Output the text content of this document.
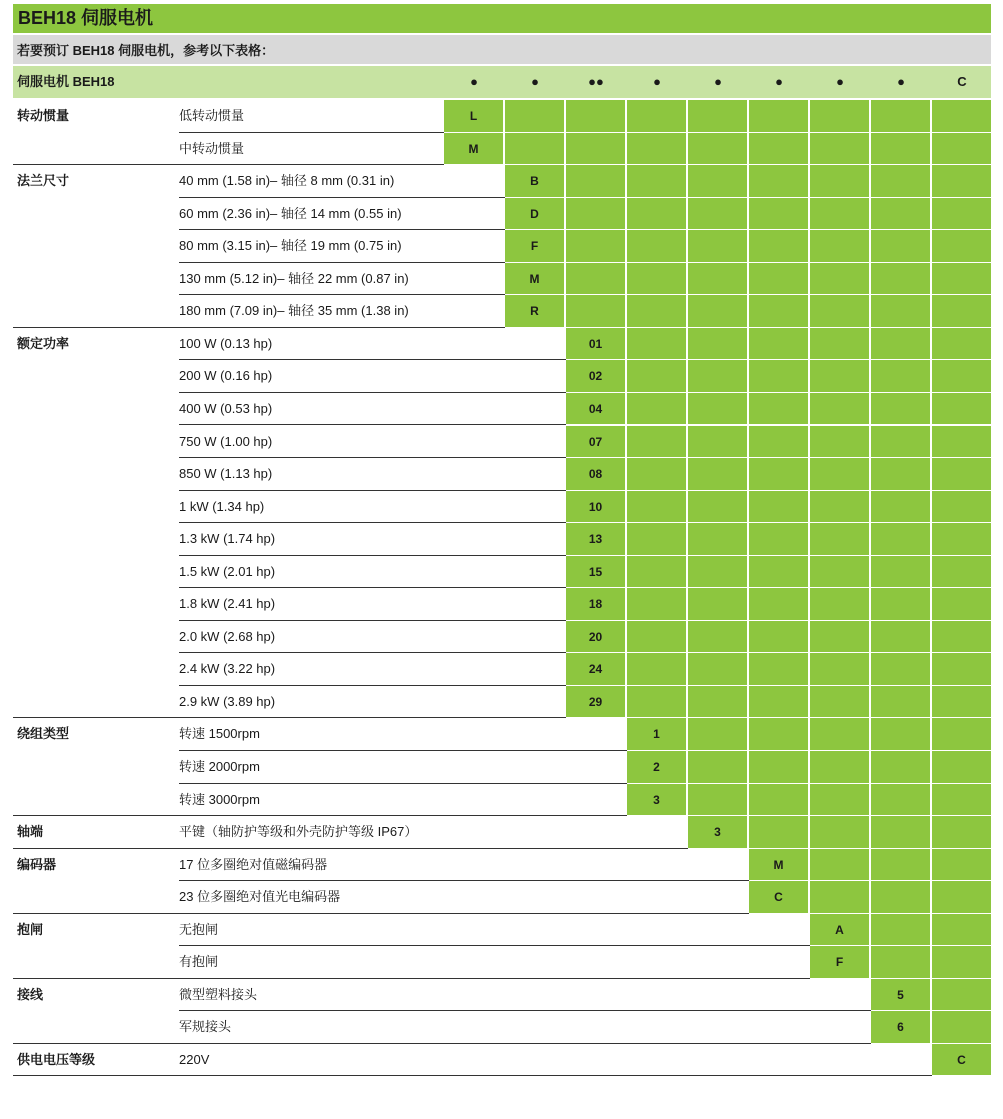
BEH18 伺服电机
若要预订 BEH18 伺服电机，参考以下表格：
伺服电机 BEH18	●	●	●●	●	●	●	●	●	C
转动惯量	低转动惯量	L
中转动惯量	M
法兰尺寸	40 mm (1.58 in)– 轴径 8 mm (0.31 in)	B
60 mm (2.36 in)– 轴径 14 mm (0.55 in)	D
80 mm (3.15 in)– 轴径 19 mm (0.75 in)	F
130 mm (5.12 in)– 轴径 22 mm (0.87 in)	M
180 mm (7.09 in)– 轴径 35 mm (1.38 in)	R
额定功率	100 W (0.13 hp)	01
200 W (0.16 hp)	02
400 W (0.53 hp)	04
750 W (1.00 hp)	07
850 W (1.13 hp)	08
1 kW (1.34 hp)	10
1.3 kW (1.74 hp)	13
1.5 kW (2.01 hp)	15
1.8 kW (2.41 hp)	18
2.0 kW (2.68 hp)	20
2.4 kW (3.22 hp)	24
2.9 kW (3.89 hp)	29
绕组类型	转速 1500rpm	1
转速 2000rpm	2
转速 3000rpm	3
轴端	平键（轴防护等级和外壳防护等级 IP67）	3
编码器	17 位多圈绝对值磁编码器	M
23 位多圈绝对值光电编码器	C
抱闸	无抱闸	A
有抱闸	F
接线	微型塑料接头	5
军规接头	6
供电电压等级	220V	C
